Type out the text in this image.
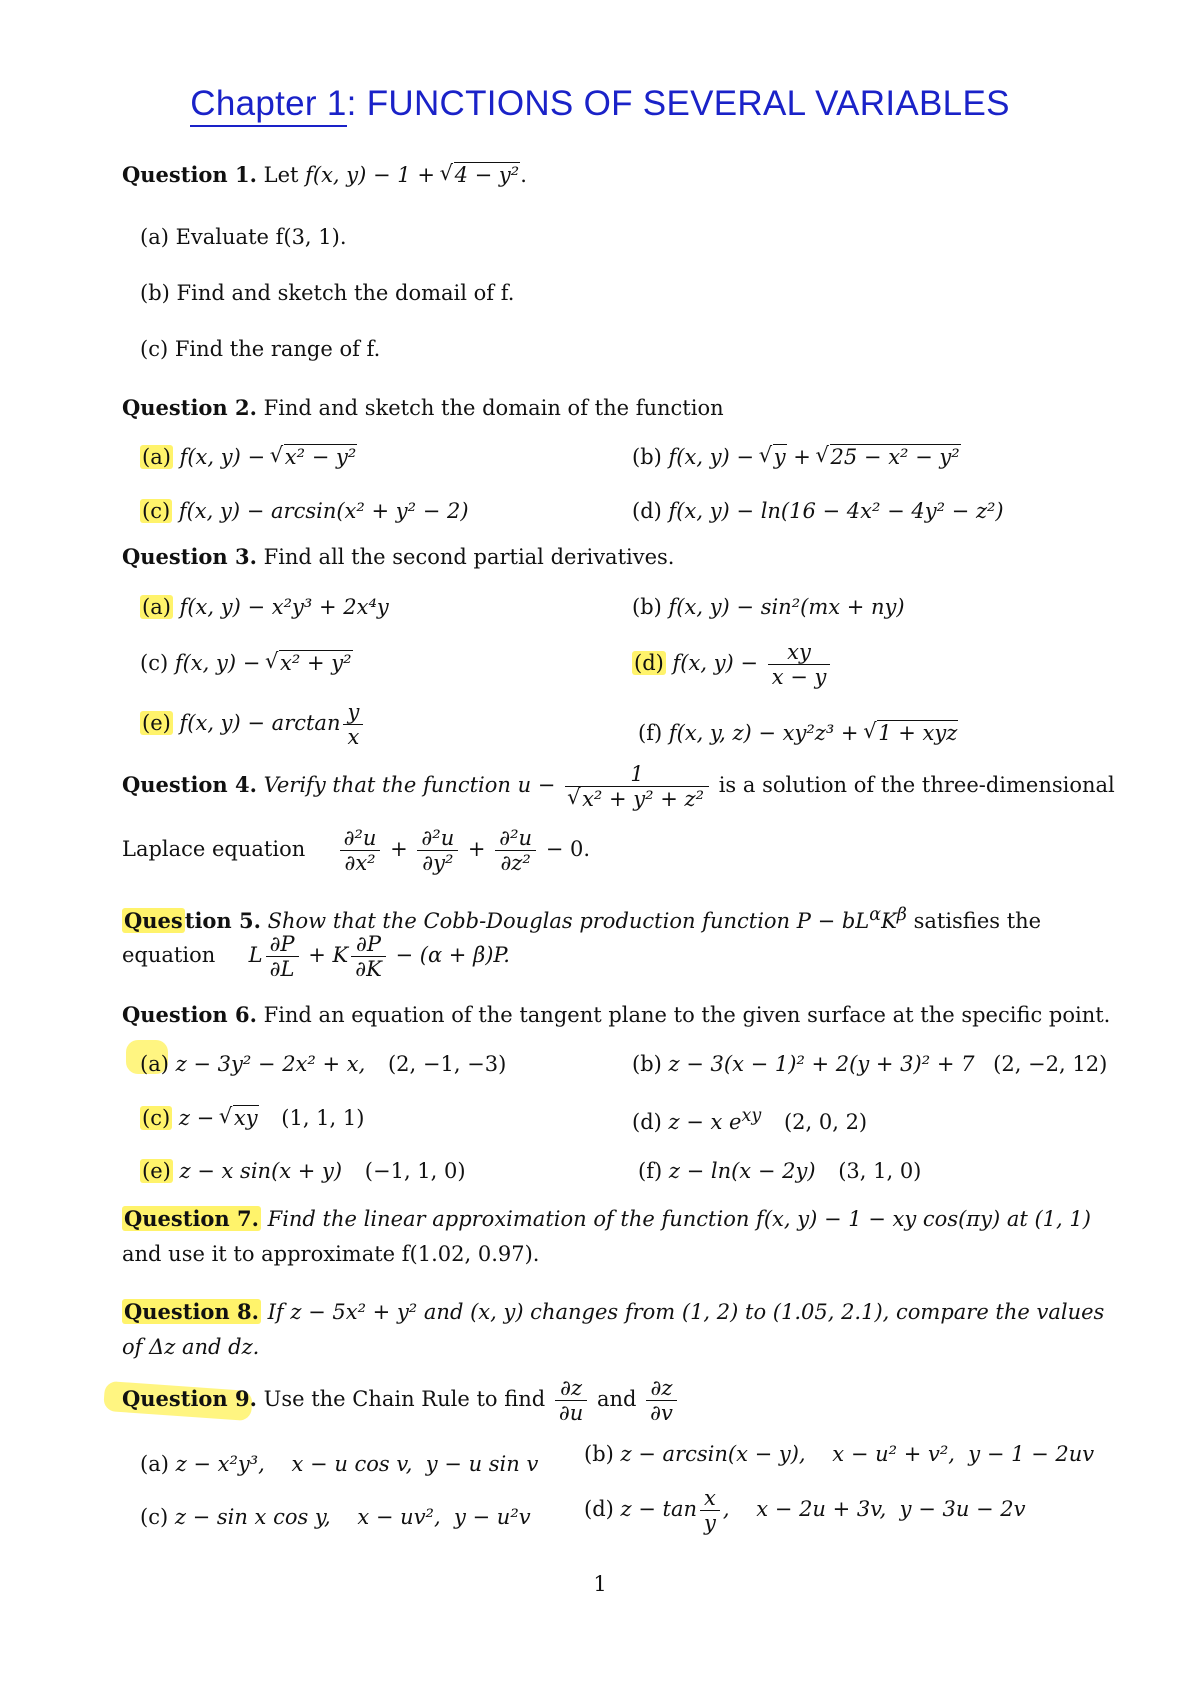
Chapter 1: FUNCTIONS OF SEVERAL VARIABLES
Question 1. Let f(x, y) − 1 + √ 4 − y².
(a) Evaluate f(3, 1).
(b) Find and sketch the domail of f.
(c) Find the range of f.
Question 2. Find and sketch the domain of the function
(a) f(x, y) − √ x² − y²	(b) f(x, y) − √ y + √ 25 − x² − y²
(c) f(x, y) − arcsin(x² + y² − 2)	(d) f(x, y) − ln(16 − 4x² − 4y² − z²)
Question 3. Find all the second partial derivatives.
(a) f(x, y) − x²y³ + 2x⁴y	(b) f(x, y) − sin²(mx + ny)
(c) f(x, y) − √ x² + y²	(d) f(x, $y) - \frac{xy}{x - y}$
(e) f(x, $y) - \arctan \frac{y}{x}$	(f) f(x, y, z) − xy²z³ + √ 1 + xyz
Question 4. Verify that the function u − 1
√ x² + y² + z² is a solution of the three-dimensional
Laplace equation $\frac{\text{∂²u}}{\text{∂x²}} + \frac{\text{∂²u}}{\text{∂y²}} + \frac{\text{∂²u}}{\text{∂z²}} - 0$.
Question 5. Show that the Cobb-Douglas production function $P - bL^\alpha K^\beta$ satisfies the
equation L $\frac{\partial P}{\partial L} + K \frac{\partial P}{\partial K} - (\alpha + \beta)P$.
Question 6. Find an equation of the tangent plane to the given surface at the specific point.
(a) z − 3y² − 2x² + x, (2, −1, −3)	(b) z − 3(x − 1)² + 2(y + 3)² + 7 (2, −2, 12)
(c) z − √ xy (1, 1, 1)	(d) z − x $e^{xy}$ (2, 0, 2)
(e) z − x sin(x + y) (−1, 1, 0)	(f) z − ln(x − 2y) (3, 1, 0)
Question 7. Find the linear approximation of the function f(x, y) − 1 − xy cos(πy) at (1, 1)
and use it to approximate f(1.02, 0.97).
Question 8. If z − 5x² + y² and (x, y) changes from (1, 2) to (1.05, 2.1), compare the values
of Δz and dz.
Question 9. Use the Chain Rule to find $\frac{\partial z}{\partial u}$ and $\frac{\partial z}{\partial v}$
(a) z − x²y³,    x − u cos v,  y − u sin v (b) z − arcsin(x − y),    x − u² + v²,  y − 1 − 2uv
(c) z − sin x cos y,    x − uv²,  y − u²v	(d) $z - \tan \frac{x}{y}$ ,    x − 2u + 3v,  y − 3u − 2v
1
